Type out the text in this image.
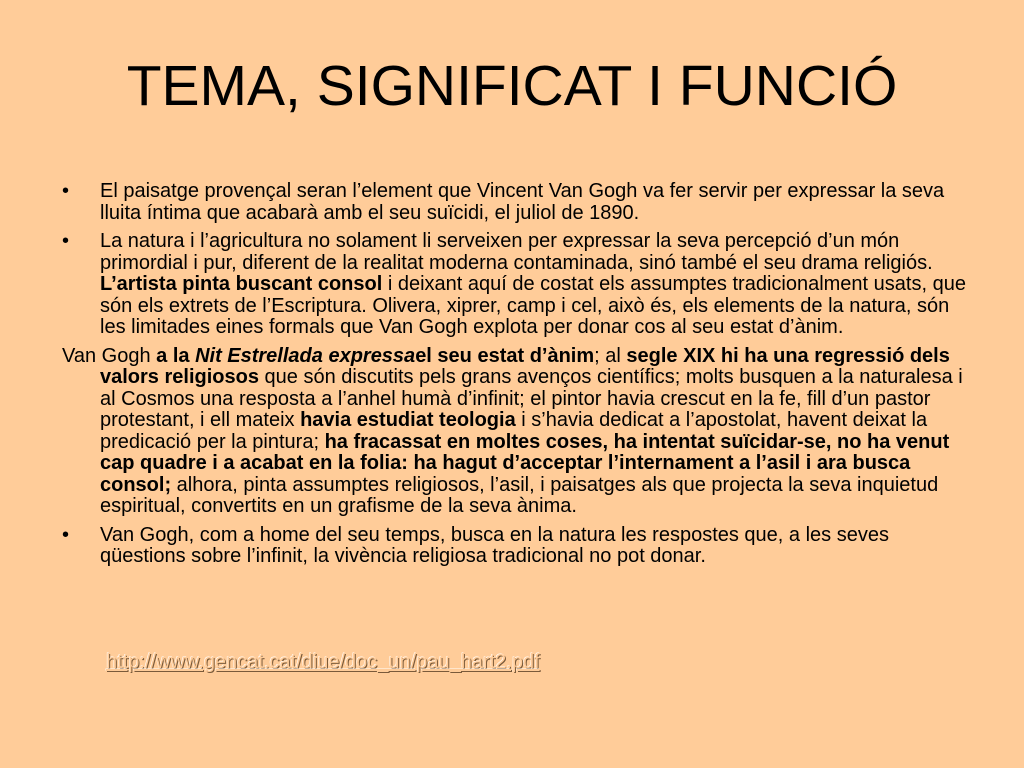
TEMA, SIGNIFICAT I FUNCIÓ
•	El paisatge provençal seran l’element que Vincent Van Gogh va fer servir per expressar la seva lluita íntima que acabarà amb el seu suïcidi, el juliol de 1890.
•	La natura i l’agricultura no solament li serveixen per expressar la seva percepció d’un món primordial i pur, diferent de la realitat moderna contaminada, sinó també el seu drama religiós. L’artista pinta buscant consol i deixant aquí de costat els assumptes tradicionalment usats, que són els extrets de l’Escriptura. Olivera, xiprer, camp i cel, això és, els elements de la natura, són les limitades eines formals que Van Gogh explota per donar cos al seu estat d’ànim.
Van Gogh a la Nit Estrellada expressael seu estat d’ànim; al segle XIX hi ha una regressió dels valors religiosos que són discutits pels grans avenços científics; molts busquen a la naturalesa i al Cosmos una resposta a l’anhel humà d’infinit; el pintor havia crescut en la fe, fill d’un pastor protestant, i ell mateix havia estudiat teologia i s’havia dedicat a l’apostolat, havent deixat la predicació per la pintura; ha fracassat en moltes coses, ha intentat suïcidar-se, no ha venut cap quadre i a acabat en la folia: ha hagut d’acceptar l’internament a l’asil i ara busca consol; alhora, pinta assumptes religiosos, l’asil, i paisatges als que projecta la seva inquietud espiritual, convertits en un grafisme de la seva ànima.
•	Van Gogh, com a home del seu temps, busca en la natura les respostes que, a les seves qüestions sobre l’infinit, la vivència religiosa tradicional no pot donar.
http://www.gencat.cat/diue/doc_un/pau_hart2.pdf
